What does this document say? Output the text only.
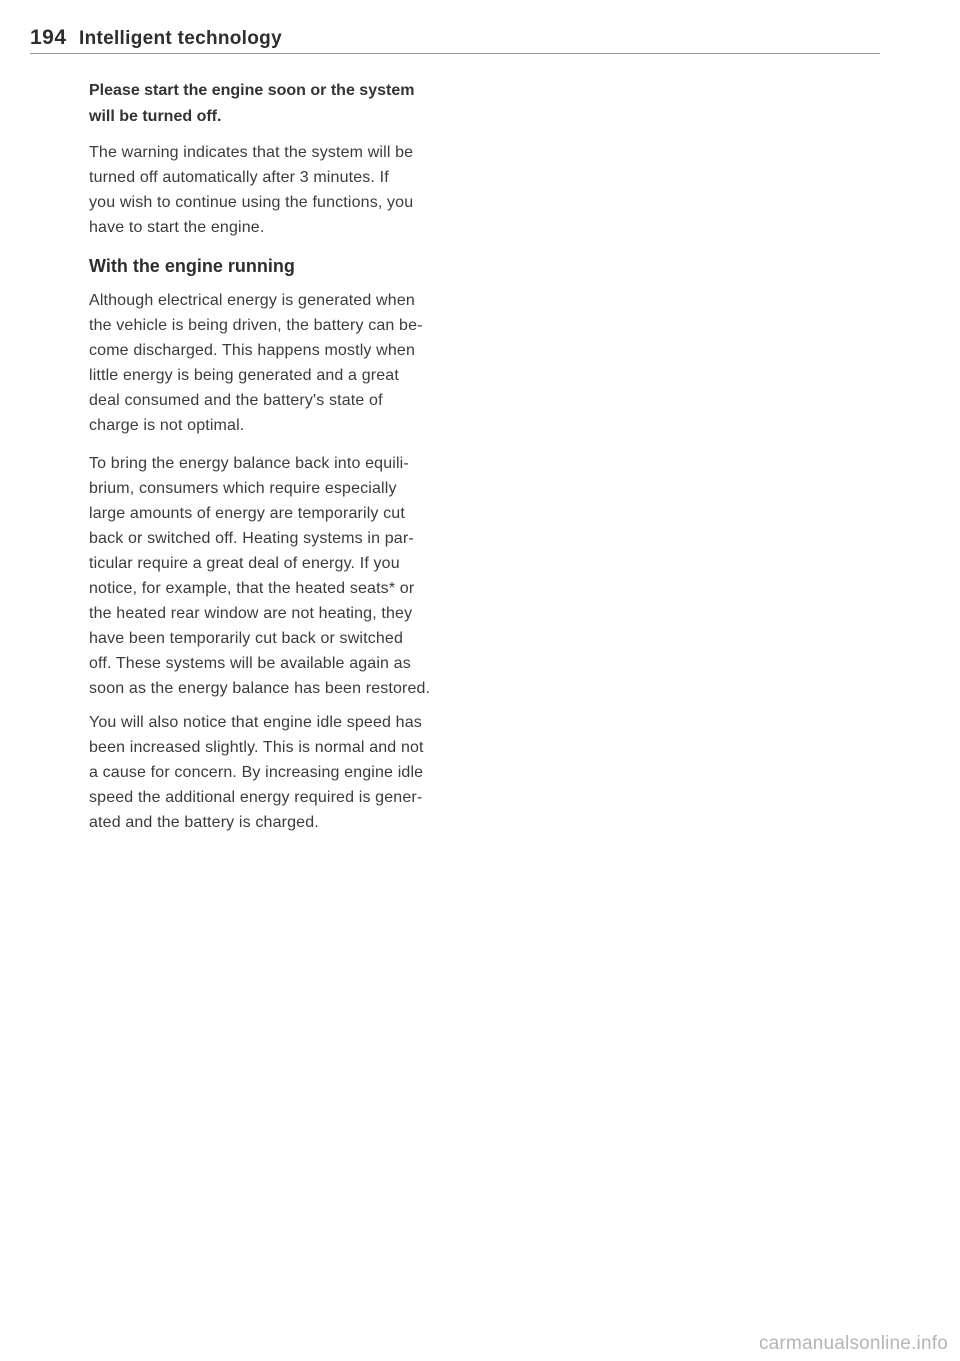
194 Intelligent technology
Please start the engine soon or the system
will be turned off.
The warning indicates that the system will be
turned off automatically after 3 minutes. If
you wish to continue using the functions, you
have to start the engine.
With the engine running
Although electrical energy is generated when
the vehicle is being driven, the battery can be-
come discharged. This happens mostly when
little energy is being generated and a great
deal consumed and the battery's state of
charge is not optimal.
To bring the energy balance back into equili-
brium, consumers which require especially
large amounts of energy are temporarily cut
back or switched off. Heating systems in par-
ticular require a great deal of energy. If you
notice, for example, that the heated seats* or
the heated rear window are not heating, they
have been temporarily cut back or switched
off. These systems will be available again as
soon as the energy balance has been restored.
You will also notice that engine idle speed has
been increased slightly. This is normal and not
a cause for concern. By increasing engine idle
speed the additional energy required is gener-
ated and the battery is charged.
carmanualsonline.info
